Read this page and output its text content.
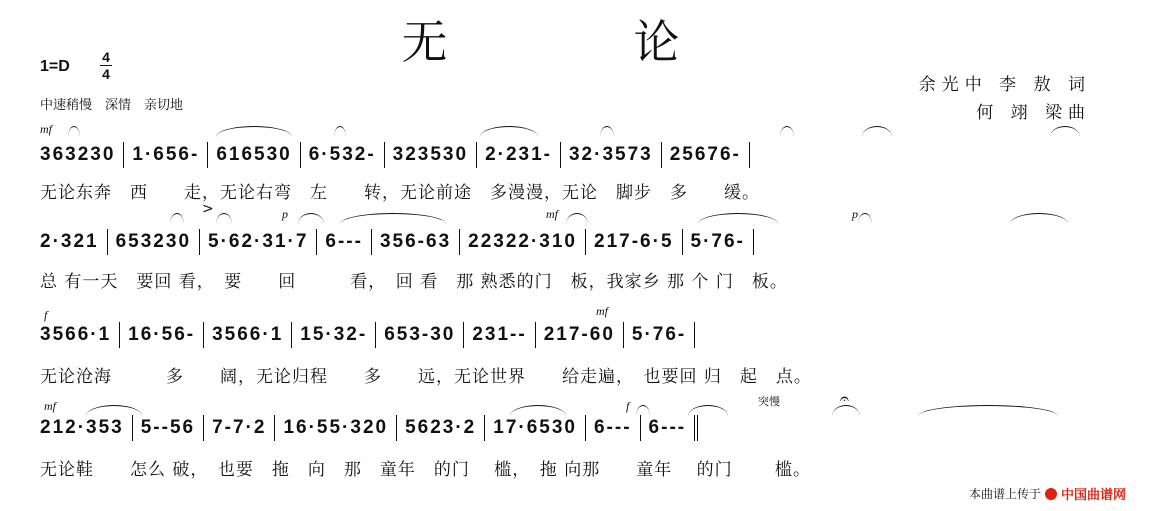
无　论
1=D
4
4
中速稍慢　深情　亲切地
余光中 李 敖 词
何 翊 梁曲
mf
363230 1·656- 616530 6·532- 323530 2·231- 32·3573 25676-
无论东奔　西　　走，无论右弯　左　　转，无论前途　多漫漫，无论　脚步　多　　缓。
>	p	mf	p
2·321 653230 5·62·31·7 6--- 356-63 22322·310 217-6·5 5·76-
总 有一天　要回 看，　要　　回　　　看，　回 看　那 熟悉的门　板，我家乡 那 个 门　板。
f	mf
3566·1 16·56- 3566·1 15·32- 653-30 231-- 217-60 5·76-
无论沧海　　　多　　阔，无论归程　　多　　远，无论世界　　给走遍，　也要回 归　起　点。
mf	f	突慢	𝄐
212·353 5--56 7-7·2 16·55·320 5623·2 17·6530 6--- 6---
无论鞋　　怎么 破，　也要　拖　向　那　童年　的门　 槛，　拖 向那　　童年　 的门　　 槛。
本曲谱上传于 中国曲谱网
